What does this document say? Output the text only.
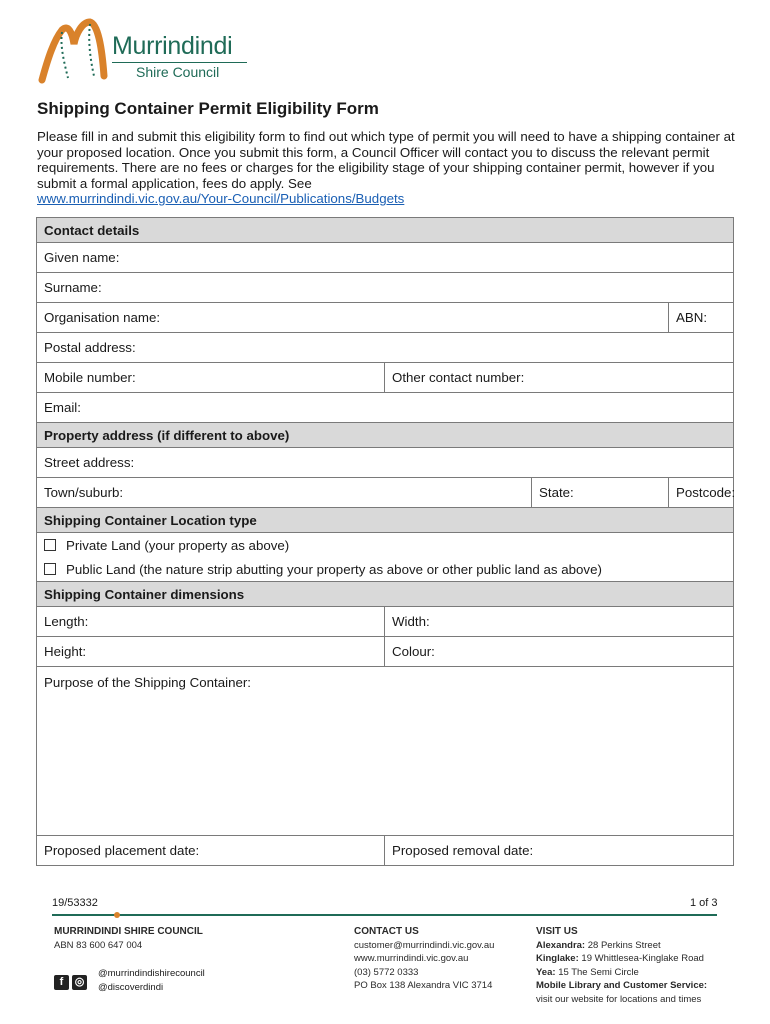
Murrindindi
Shire Council
Shipping Container Permit Eligibility Form

Please fill in and submit this eligibility form to find out which type of permit you will need to have a shipping container at your proposed location. Once you submit this form, a Council Officer will contact you to discuss the relevant permit requirements. There are no fees or charges for the eligibility stage of your shipping container permit, however if you submit a formal application, fees do apply. See
www.murrindindi.vic.gov.au/Your-Council/Publications/Budgets

Contact details			
Given name:			
Surname:			
Organisation name:			ABN:
Postal address:			
Mobile number:	Other contact number:		
Email:			
Property address (if different to above)			
Street address:			
Town/suburb:		State:	Postcode:
Shipping Container Location type			
Private Land (your property as above)			
Public Land (the nature strip abutting your property as above or other public land as above)			
Shipping Container dimensions			
Length:	Width:		
Height:	Colour:		
Purpose of the Shipping Container:			
Proposed placement date:	Proposed removal date:		
19/53332	1 of 3
MURRINDINDI SHIRE COUNCIL
ABN 83 600 647 004
f ◎
@murrindindishirecouncil
@discoverdindi
CONTACT US
customer@murrindindi.vic.gov.au
www.murrindindi.vic.gov.au
(03) 5772 0333
PO Box 138 Alexandra VIC 3714
VISIT US
Alexandra: 28 Perkins Street
Kinglake: 19 Whittlesea-Kinglake Road
Yea: 15 The Semi Circle
Mobile Library and Customer Service:
visit our website for locations and times
